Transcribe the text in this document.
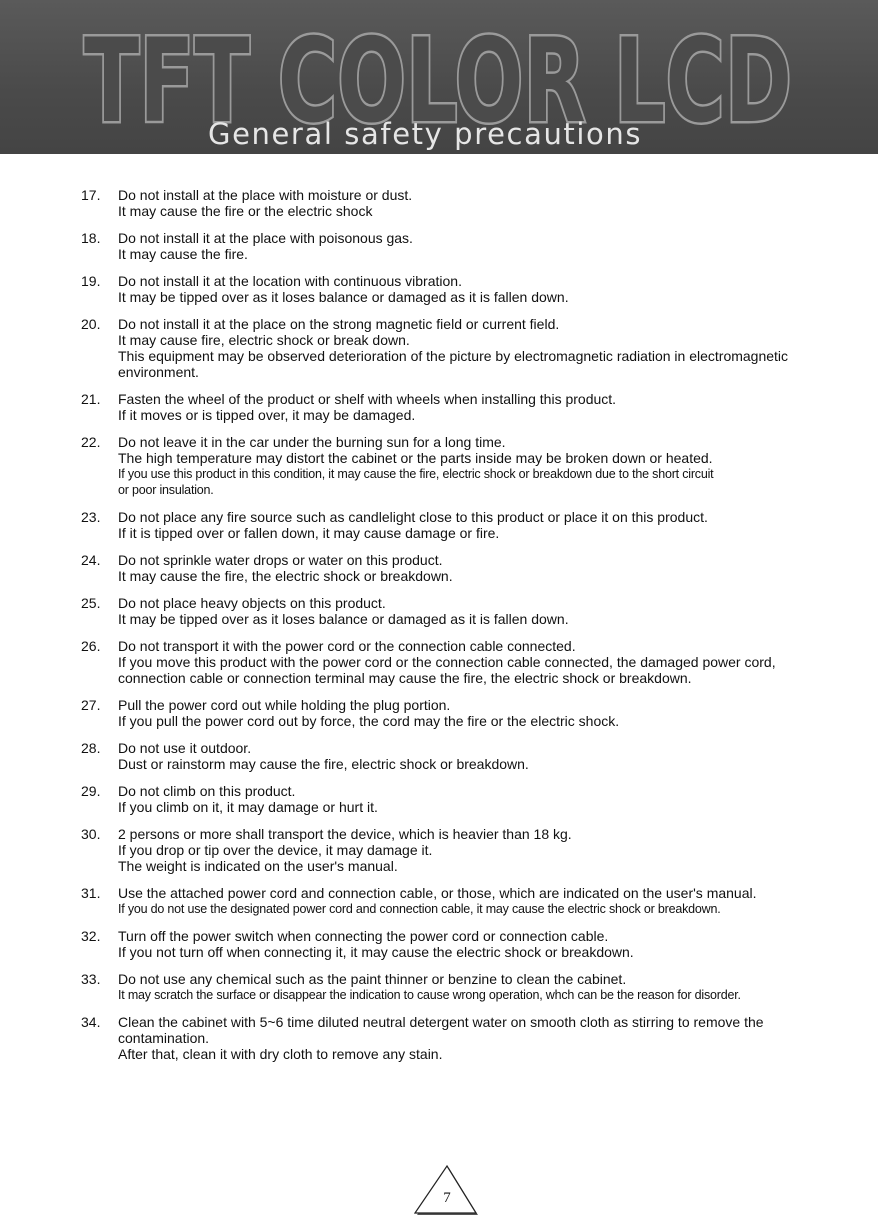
TFT COLOR LCD
General safety precautions
17. Do not install at the place with moisture or dust.
It may cause the fire or the electric shock
18. Do not install it at the place with poisonous gas.
It may cause the fire.
19. Do not install it at the location with continuous vibration.
It may be tipped over as it loses balance or damaged as it is fallen down.
20. Do not install it at the place on the strong magnetic field or current field.
It may cause fire, electric shock or break down.
This equipment may be observed deterioration of the picture by electromagnetic radiation in electromagnetic
environment.
21. Fasten the wheel of the product or shelf with wheels when installing this product.
If it moves or is tipped over, it may be damaged.
22. Do not leave it in the car under the burning sun for a long time.
The high temperature may distort the cabinet or the parts inside may be broken down or heated.
If you use this product in this condition, it may cause the fire, electric shock or breakdown due to the short circuit
or poor insulation.
23. Do not place any fire source such as candlelight close to this product or place it on this product.
If it is tipped over or fallen down, it may cause damage or fire.
24. Do not sprinkle water drops or water on this product.
It may cause the fire, the electric shock or breakdown.
25. Do not place heavy objects on this product.
It may be tipped over as it loses balance or damaged as it is fallen down.
26. Do not transport it with the power cord or the connection cable connected.
If you move this product with the power cord or the connection cable connected, the damaged power cord,
connection cable or connection terminal may cause the fire, the electric shock or breakdown.
27. Pull the power cord out while holding the plug portion.
If you pull the power cord out by force, the cord may the fire or the electric shock.
28. Do not use it outdoor.
Dust or rainstorm may cause the fire, electric shock or breakdown.
29. Do not climb on this product.
If you climb on it, it may damage or hurt it.
30. 2 persons or more shall transport the device, which is heavier than 18 kg.
If you drop or tip over the device, it may damage it.
The weight is indicated on the user's manual.
31. Use the attached power cord and connection cable, or those, which are indicated on the user's manual.
If you do not use the designated power cord and connection cable, it may cause the electric shock or breakdown.
32. Turn off the power switch when connecting the power cord or connection cable.
If you not turn off when connecting it, it may cause the electric shock or breakdown.
33. Do not use any chemical such as the paint thinner or benzine to clean the cabinet.
It may scratch the surface or disappear the indication to cause wrong operation, whch can be the reason for disorder.
34. Clean the cabinet with 5~6 time diluted neutral detergent water on smooth cloth as stirring to remove the
contamination.
After that, clean it with dry cloth to remove any stain.
7
